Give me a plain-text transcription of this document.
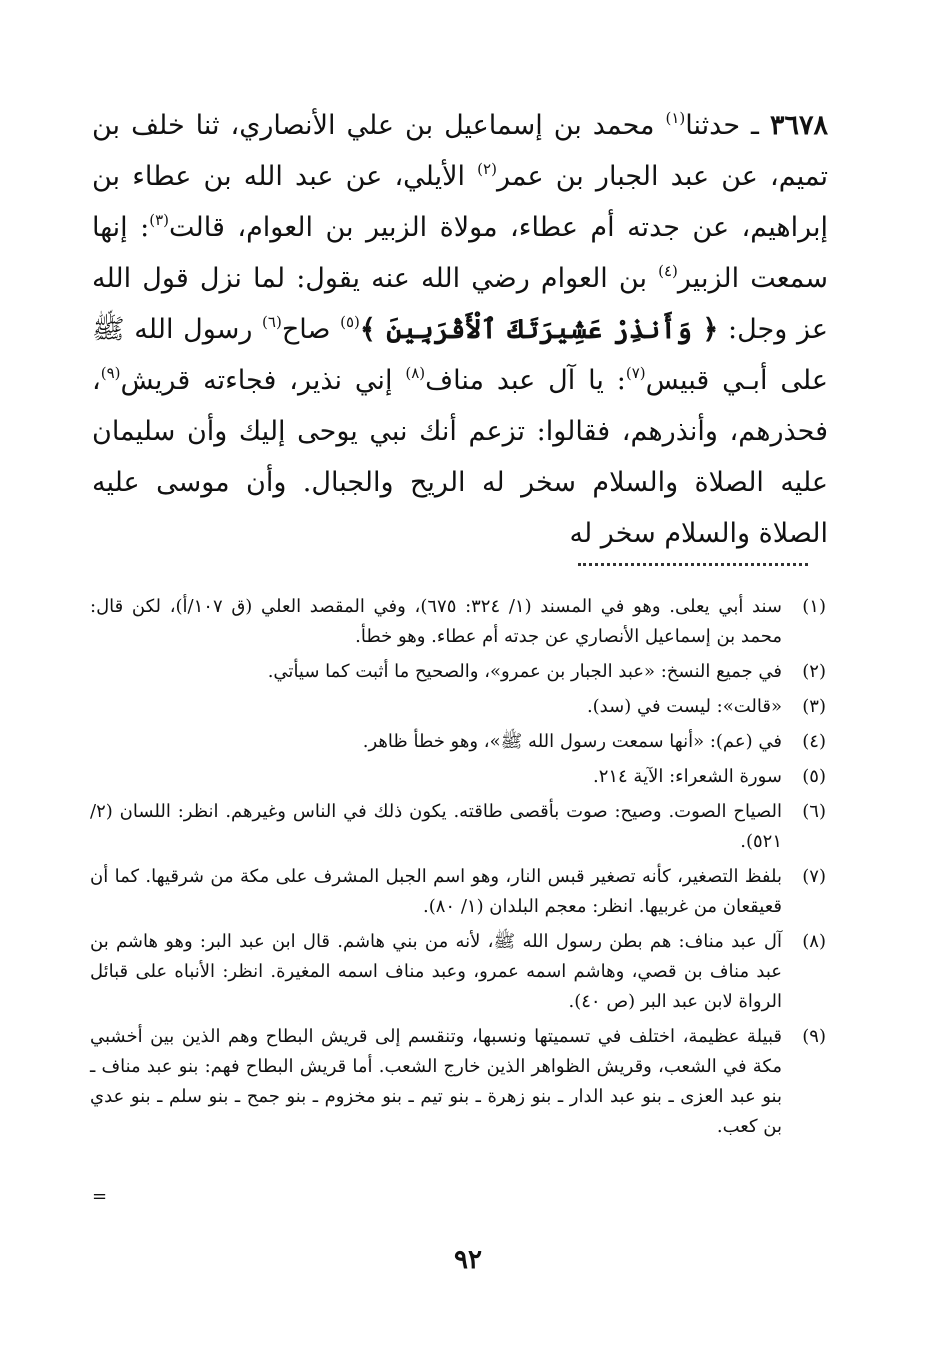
٣٦٧٨ ـ حدثنا$^{(١)}$ محمد بن إسماعيل بن علي الأنصاري، ثنا خلف بن تميم، عن عبد الجبار بن عمر$^{(٢)}$ الأيلي، عن عبد الله بن عطاء بن إبراهيم، عن جدته أم عطاء، مولاة الزبير بن العوام، قالت$^{(٣)}$: إنها سمعت الزبير$^{(٤)}$ بن العوام رضي الله عنه يقول: لما نزل قول الله عز وجل: ﴿ وَأَنذِرْ عَشِيرَتَكَ ٱلْأَقْرَبِينَ ﴾$^{(٥)}$ صاح$^{(٦)}$ رسول الله ﷺ على أبـي قبيس$^{(٧)}$: يا آل عبد مناف$^{(٨)}$ إني نذير، فجاءته قريش$^{(٩)}$، فحذرهم، وأنذرهم، فقالوا: تزعم أنك نبي يوحى إليك وأن سليمان عليه الصلاة والسلام سخر له الريح والجبال. وأن موسى عليه الصلاة والسلام سخر له

(١)
سند أبي يعلى. وهو في المسند (١/ ٣٢٤: ٦٧٥)، وفي المقصد العلي (ق ١٠٧/أ)، لكن قال: محمد بن إسماعيل الأنصاري عن جدته أم عطاء. وهو خطأ.
(٢)
في جميع النسخ: «عبد الجبار بن عمرو»، والصحيح ما أثبت كما سيأتي.
(٣)
«قالت»: ليست في (سد).
(٤)
في (عم): «أنها سمعت رسول الله ﷺ»، وهو خطأ ظاهر.
(٥)
سورة الشعراء: الآية ٢١٤.
(٦)
الصياح الصوت. وصيح: صوت بأقصى طاقته. يكون ذلك في الناس وغيرهم. انظر: اللسان (٢/ ٥٢١).
(٧)
بلفظ التصغير، كأنه تصغير قبس النار، وهو اسم الجبل المشرف على مكة من شرقيها. كما أن قعيقعان من غربيها. انظر: معجم البلدان (١/ ٨٠).
(٨)
آل عبد مناف: هم بطن رسول الله ﷺ، لأنه من بني هاشم. قال ابن عبد البر: وهو هاشم بن عبد مناف بن قصي، وهاشم اسمه عمرو، وعبد مناف اسمه المغيرة. انظر: الأنباه على قبائل الرواة لابن عبد البر (ص ٤٠).
(٩)
قبيلة عظيمة، اختلف في تسميتها ونسبها، وتنقسم إلى قريش البطاح وهم الذين بين أخشبي مكة في الشعب، وقريش الظواهر الذين خارج الشعب. أما قريش البطاح فهم: بنو عبد مناف ـ بنو عبد العزى ـ بنو عبد الدار ـ بنو زهرة ـ بنو تيم ـ بنو مخزوم ـ بنو جمح ـ بنو سلم ـ بنو عدي بن كعب.
=
٩٢
